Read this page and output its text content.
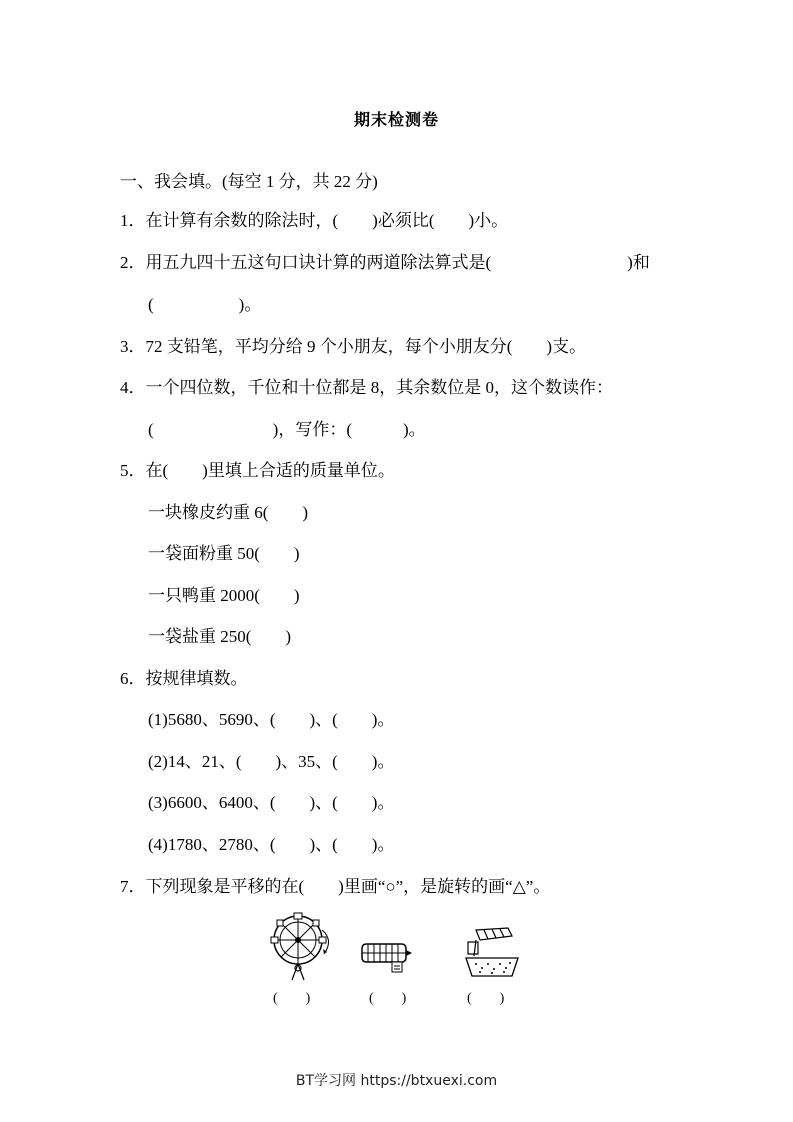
期末检测卷
一、我会填。(每空 1 分，共 22 分)
1．在计算有余数的除法时，(　　)必须比(　　)小。
2．用五九四十五这句口诀计算的两道除法算式是(　　　　　　　　)和
(　　　　　)。
3．72 支铅笔，平均分给 9 个小朋友，每个小朋友分(　　)支。
4．一个四位数，千位和十位都是 8，其余数位是 0，这个数读作：
(　　　　　　　)，写作：(　　　)。
5．在(　　)里填上合适的质量单位。
一块橡皮约重 6(　　)
一袋面粉重 50(　　)
一只鸭重 2000(　　)
一袋盐重 250(　　)
6．按规律填数。
(1)5680、5690、(　　)、(　　)。
(2)14、21、(　　)、35、(　　)。
(3)6600、6400、(　　)、(　　)。
(4)1780、2780、(　　)、(　　)。
7．下列现象是平移的在(　　)里画“○”，是旋转的画“△”。
(　　)	(　　)	(　　)
BT学习网 https://btxuexi.com
